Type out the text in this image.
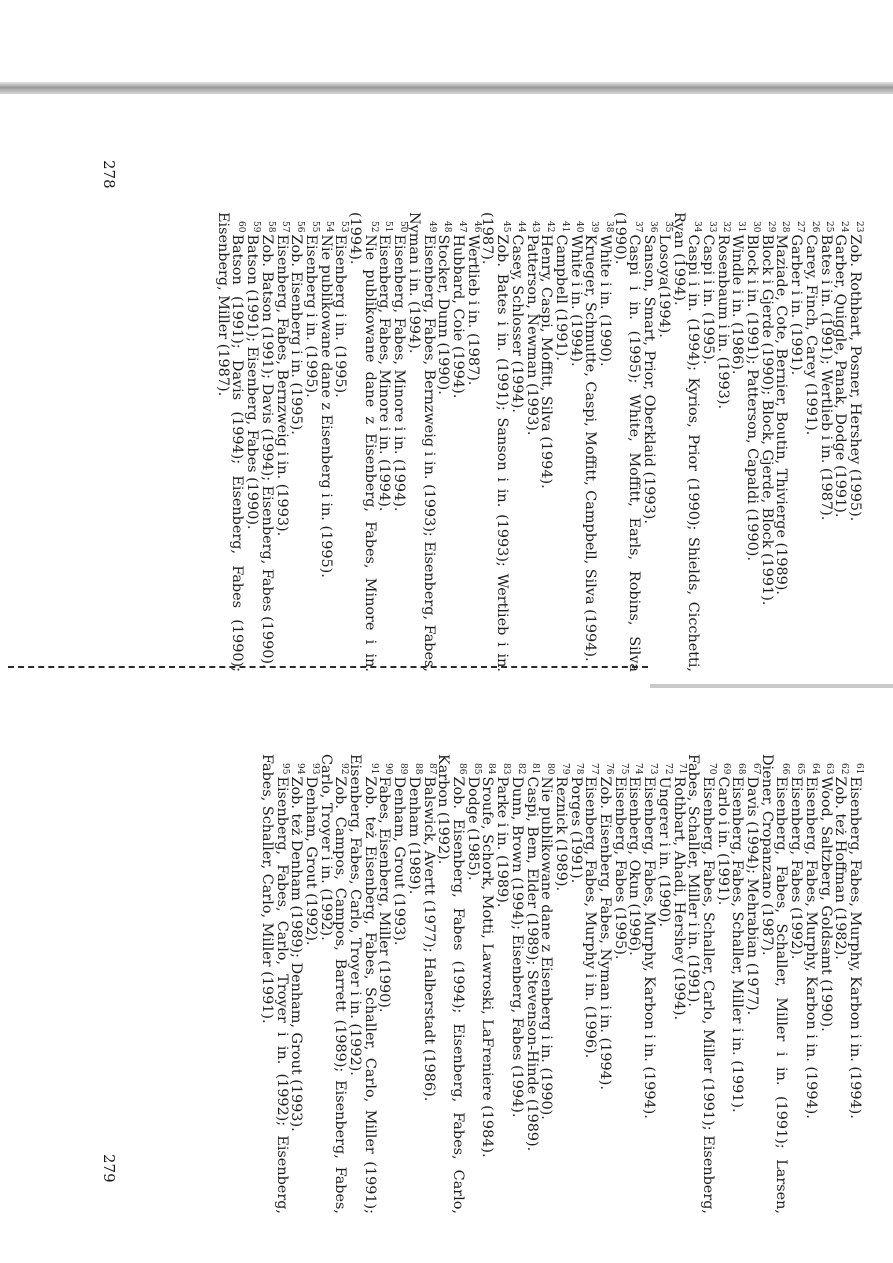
$^{23}$Zob. Rothbart, Posner, Hershey (1995).

$^{24}$Garber, Quiggle, Panak, Dodge (1991).

$^{25}$Bates i in. (1991); Wertlieb i in. (1987).

$^{26}$Carey, Finch, Carey (1991).

$^{27}$Garber i in. (1991).

$^{28}$Maziade, Cote, Bernier, Boutin, Thivierge (1989).

$^{29}$Block i Gjerde (1990); Block, Gjerde, Block (1991).

$^{30}$Block i in. (1991); Patterson, Capaldi (1990).

$^{31}$Windle i in. (1986).

$^{32}$Rosenbaum i in. (1993).

$^{33}$Caspi i in. (1995).

$^{34}$Caspi i in. (1994); Kyrios, Prior (1990); Shields, Cicchetti, Ryan (1994).

$^{35}$Losoya(1994).

$^{36}$Sanson, Smart, Prior, Oberklaid (1993).

$^{37}$Caspi i in. (1995); White, Moffitt, Earls, Robins, Silva (1990).

$^{38}$White i in. (1990).

$^{39}$Krueger, Schmutte, Caspi, Moffitt, Campbell, Silva (1994).

$^{40}$White i in. (1994).

$^{41}$Campbell (1991).

$^{42}$Henry, Caspi, Moffitt, Silva (1994).

$^{43}$Patterson, Newman (1993).

$^{44}$Casey, Schlosser (1994).

$^{45}$Zob. Bates i in. (1991); Sanson i in. (1993); Wertlieb i in. (1987).

$^{46}$Wertlieb i in. (1987).

$^{47}$Hubbard, Coie (1994).

$^{48}$Stocker, Dunn (1990).

$^{49}$Eisenberg, Fabes, Bernzweig i in. (1993); Eisenberg, Fabes, Nyman i in. (1994).

$^{50}$Eisenberg, Fabes, Minore i in. (1994).

$^{51}$Eisenberg, Fabes, Minore i in. (1994).

$^{52}$Nie publikowane dane z Eisenberg, Fabes, Minore i in. (1994).

$^{53}$Eisenberg i in. (1995).

$^{54}$Nie publikowane dane z Eisenberg i in. (1995).

$^{55}$Eisenberg i in. (1995).

$^{56}$Zob. Eisenberg i in. (1995).

$^{57}$Eisenberg, Fabes, Bernzweig i in. (1993).

$^{58}$Zob. Batson (1991); Davis (1994); Eisenberg, Fabes (1990).

$^{59}$Batson (1991); Eisenberg, Fabes (1990).

$^{60}$Batson (1991); Davis (1994); Eisenberg, Fabes (1990); Eisenberg, Miller (1987).

$^{61}$Eisenberg, Fabes, Murphy, Karbon i in. (1994).

$^{62}$Zob. też Hoffman (1982).

$^{63}$Wood, Saltzberg, Goldsamt (1990).

$^{64}$Eisenberg, Fabes, Murphy, Karbon i in. (1994).

$^{65}$Eisenberg, Fabes (1992).

$^{66}$Eisenberg, Fabes, Schaller, Miller i in. (1991); Larsen, Diener, Cropanzano (1987).

$^{67}$Davis (1994); Mehrabian (1977).

$^{68}$Eisenberg, Fabes, Schaller, Miller i in. (1991).

$^{69}$Carlo i in. (1991).

$^{70}$Eisenberg, Fabes, Schaller, Carlo, Miller (1991); Eisenberg, Fabes, Schaller, Miller i in. (1991).

$^{71}$Rothbart, Ahadi, Hershey (1994).

$^{72}$Ungerer i in. (1990).

$^{73}$Eisenberg, Fabes, Murphy, Karbon i in. (1994).

$^{74}$Eisenberg, Okun (1996).

$^{75}$Eisenberg, Fabes (1995).

$^{76}$Zob. Eisenberg, Fabes, Nyman i in. (1994).

$^{77}$Eisenberg, Fabes, Murphy i in. (1996).

$^{78}$Porges (1991).

$^{79}$Reznick (1989).

$^{80}$Nie publikowane dane z Eisenberg i in. (1990).

$^{81}$Caspi, Bem, Elder (1989); Stevenson-Hinde (1989).

$^{82}$Dunn, Brown (1994); Eisenberg, Fabes (1994).

$^{83}$Parke i in. (1989).

$^{84}$Sroufe, Schork, Motti, Lawroski, LaFreniere (1984).

$^{85}$Dodge (1985).

$^{86}$Zob. Eisenberg, Fabes (1994); Eisenberg, Fabes, Carlo, Karbon (1992).

$^{87}$Balswick, Avertt (1977); Halberstadt (1986).

$^{88}$Denham (1989).

$^{89}$Denham, Grout (1993).

$^{90}$Fabes, Eisenberg, Miller (1990).

$^{91}$Zob. też Eisenberg, Fabes, Schaller, Carlo, Miller (1991); Eisenberg, Fabes, Carlo, Troyer i in. (1992).

$^{92}$Zob. Campos, Campos, Barrett (1989); Eisenberg, Fabes, Carlo, Troyer i in. (1992).

$^{93}$Denham, Grout (1992).

$^{94}$Zob. też Denham (1989); Denham, Grout (1993).

$^{95}$Eisenberg, Fabes, Carlo, Troyer i in. (1992); Eisenberg, Fabes, Schaller, Carlo, Miller (1991).

278
279
